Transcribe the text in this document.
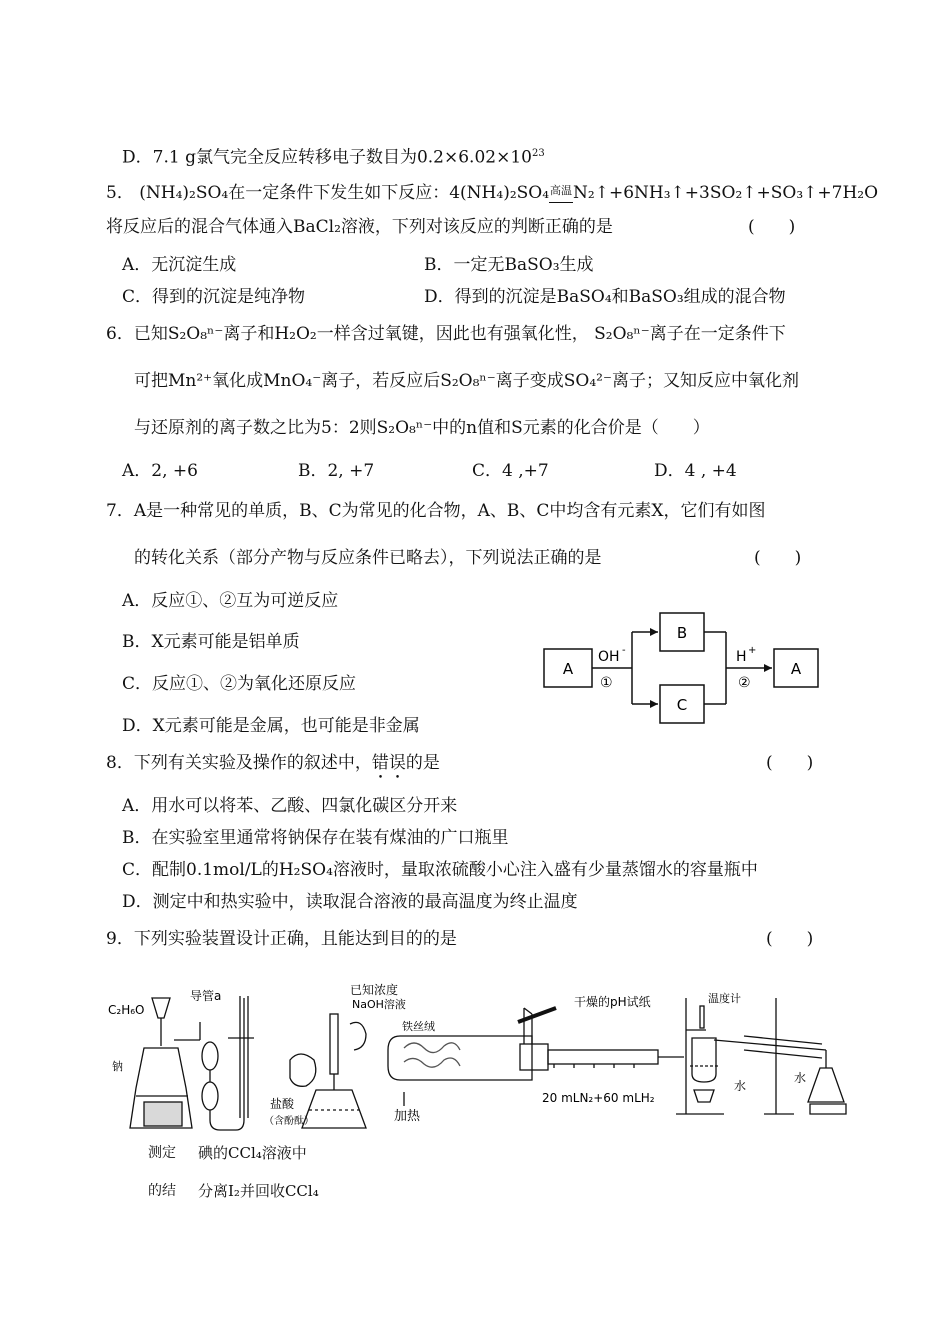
D．7.1 g氯气完全反应转移电子数目为$0.2\times 6.02\times 10^{23}$
5． (NH₄)₂SO₄在一定条件下发生如下反应：4(NH₄)₂SO₄高温N₂↑+6NH₃↑+3SO₂↑+SO₃↑+7H₂O
将反应后的混合气体通入BaCl₂溶液，下列对该反应的判断正确的是	(　　)
A．无沉淀生成	B．一定无BaSO₃生成
C．得到的沉淀是纯净物	D．得到的沉淀是BaSO₄和BaSO₃组成的混合物
6．已知S₂O₈ⁿ⁻离子和H₂O₂一样含过氧键，因此也有强氧化性， S₂O₈ⁿ⁻离子在一定条件下
可把Mn²⁺氧化成MnO₄⁻离子，若反应后S₂O₈ⁿ⁻离子变成SO₄²⁻离子；又知反应中氧化剂
与还原剂的离子数之比为5：2则S₂O₈ⁿ⁻中的n值和S元素的化合价是（　　）
A．2, +6	B．2, +7	C．4 ,+7	D．4 , +4
7．A是一种常见的单质，B、C为常见的化合物，A、B、C中均含有元素X，它们有如图
的转化关系（部分产物与反应条件已略去），下列说法正确的是	(　　)
A．反应①、②互为可逆反应
B．X元素可能是铝单质
C．反应①、②为氧化还原反应
D．X元素可能是金属，也可能是非金属
A
B
C
A
OH -
①
H +
②
8．下列有关实验及操作的叙述中，错误的是	(　　)
A．用水可以将苯、乙酸、四氯化碳区分开来
B．在实验室里通常将钠保存在装有煤油的广口瓶里
C．配制0.1mol/L的H₂SO₄溶液时，量取浓硫酸小心注入盛有少量蒸馏水的容量瓶中
D．测定中和热实验中，读取混合溶液的最高温度为终止温度
9．下列实验装置设计正确，且能达到目的的是	(　　)
C₂H₆O
导管a
钠
已知浓度
NaOH溶液
盐酸
（含酚酞）
铁丝绒
干燥的pH试纸
20 mLN₂+60 mLH₂
加热
温度计
水
水
测定
的结
碘的CCl₄溶液中
分离I₂并回收CCl₄
